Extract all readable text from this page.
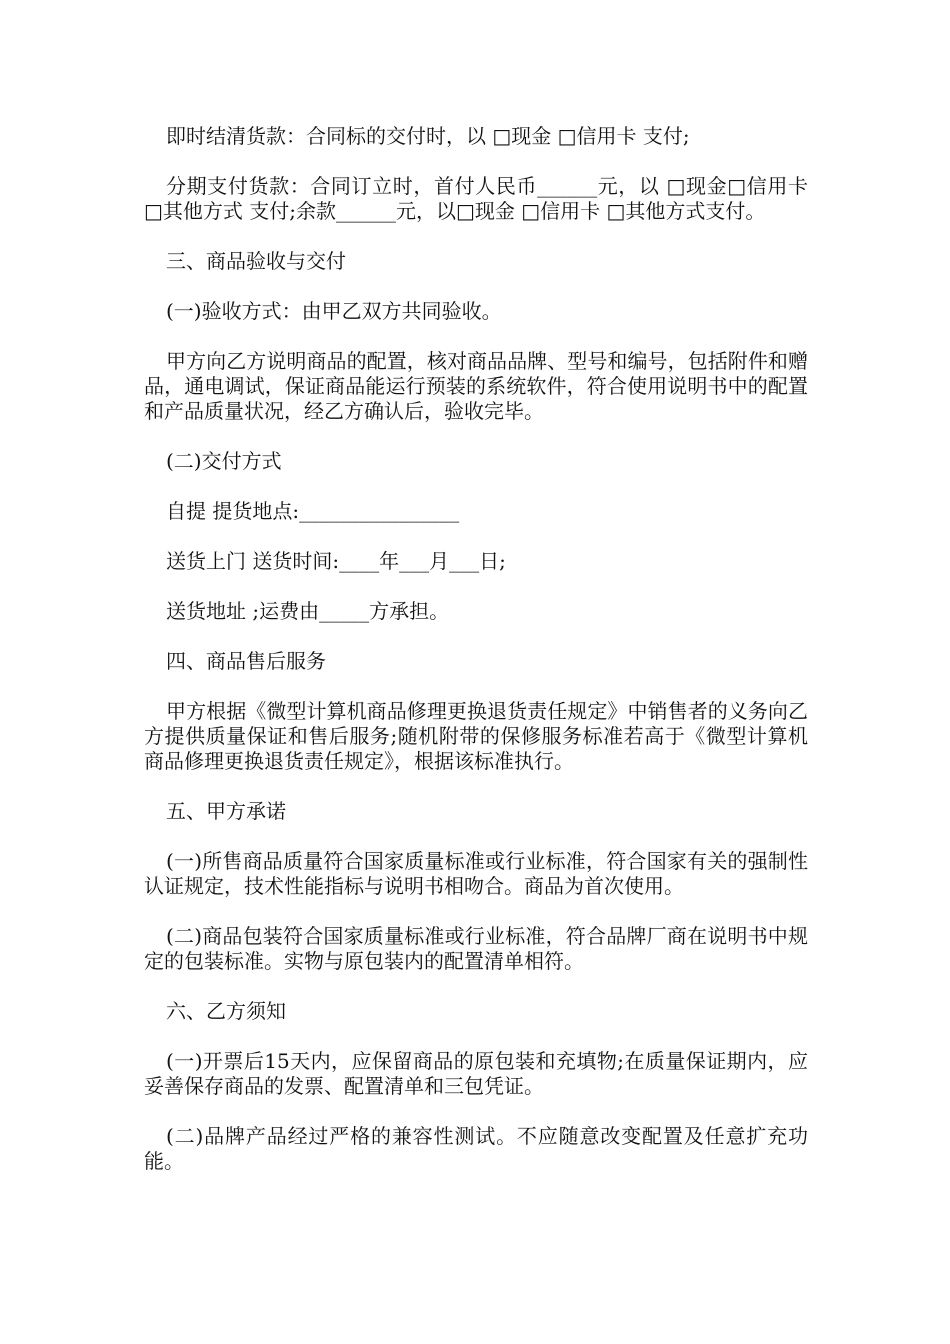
即时结清货款：合同标的交付时，以 □现金 □信用卡 支付;

分期支付货款：合同订立时，首付人民币______元，以 □现金□信用卡 □其他方式 支付;余款______元，以□现金 □信用卡 □其他方式支付。

三、商品验收与交付

(一)验收方式：由甲乙双方共同验收。

甲方向乙方说明商品的配置，核对商品品牌、型号和编号，包括附件和赠品，通电调试，保证商品能运行预装的系统软件，符合使用说明书中的配置和产品质量状况，经乙方确认后，验收完毕。

(二)交付方式

自提 提货地点:________________

送货上门 送货时间:____年___月___日;

送货地址 ;运费由_____方承担。

四、商品售后服务

甲方根据《微型计算机商品修理更换退货责任规定》中销售者的义务向乙方提供质量保证和售后服务;随机附带的保修服务标准若高于《微型计算机商品修理更换退货责任规定》，根据该标准执行。

五、甲方承诺

(一)所售商品质量符合国家质量标准或行业标准，符合国家有关的强制性认证规定，技术性能指标与说明书相吻合。商品为首次使用。

(二)商品包装符合国家质量标准或行业标准，符合品牌厂商在说明书中规定的包装标准。实物与原包装内的配置清单相符。

六、乙方须知

(一)开票后15天内，应保留商品的原包装和充填物;在质量保证期内，应妥善保存商品的发票、配置清单和三包凭证。

(二)品牌产品经过严格的兼容性测试。不应随意改变配置及任意扩充功能。
